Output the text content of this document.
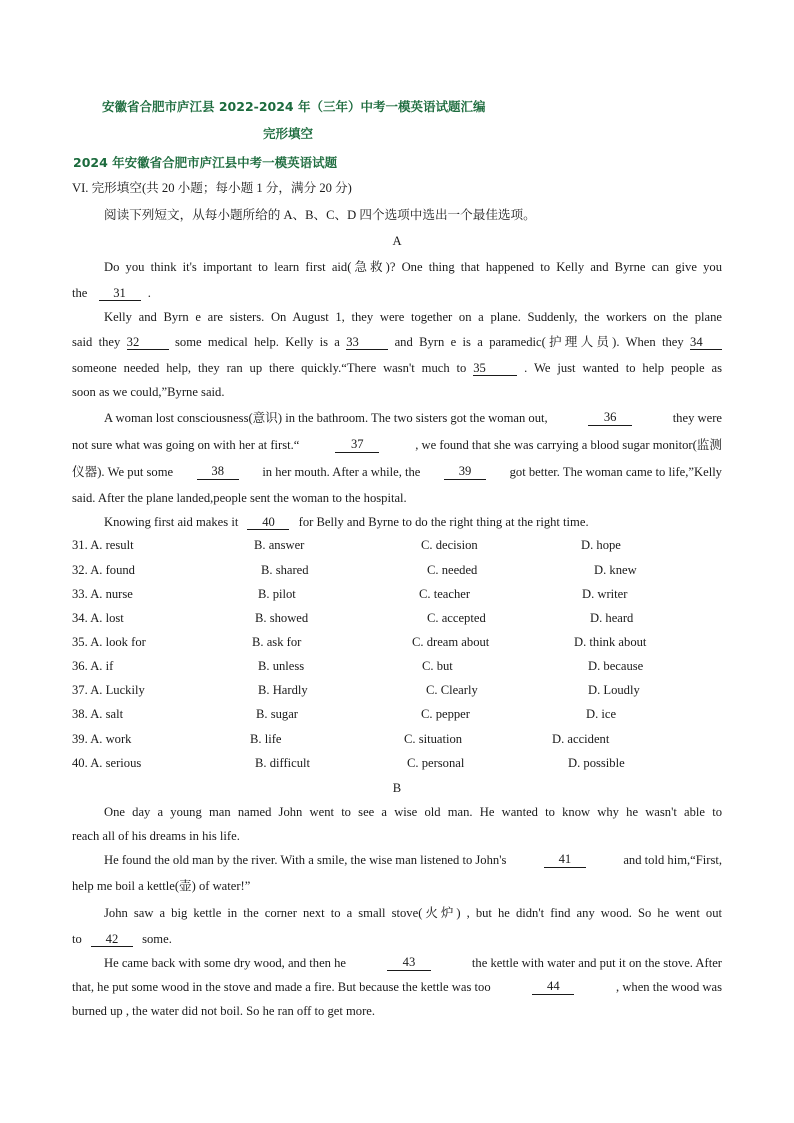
安徽省合肥市庐江县 2022-2024 年（三年）中考一模英语试题汇编
完形填空
2024 年安徽省合肥市庐江县中考一模英语试题
VI. 完形填空(共 20 小题；每小题 1 分，满分 20 分)
阅读下列短文，从每小题所给的 A、B、C、D 四个选项中选出一个最佳选项。
A
Do you think it's important to learn first aid(急救)? One thing that happened to Kelly and Byrne can give you
the 31 .
Kelly and Byrn e are sisters. On August 1, they were together on a plane. Suddenly, the workers on the plane
said they 32	some medical help. Kelly is a 33	and Byrn e is a paramedic(护理人员). When they 34
someone needed help, they ran up there quickly.“There wasn't much to 35	. We just wanted to help people as
soon as we could,”Byrne said.
A woman lost consciousness(意识) in the bathroom. The two sisters got the woman out,	36	they were
not sure what was going on with her at first.“	37	, we found that she was carrying a blood sugar monitor(监测
仪器). We put some	38	in her mouth. After a while, the	39	got better. The woman came to life,”Kelly
said. After the plane landed,people sent the woman to the hospital.
Knowing first aid makes it 40 for Belly and Byrne to do the right thing at the right time.
31. A. result	B. answer	C. decision	D. hope
32. A. found	B. shared	C. needed	D. knew
33. A. nurse	B. pilot	C. teacher	D. writer
34. A. lost	B. showed	C. accepted	D. heard
35. A. look for	B. ask for	C. dream about	D. think about
36. A. if	B. unless	C. but	D. because
37. A. Luckily	B. Hardly	C. Clearly	D. Loudly
38. A. salt	B. sugar	C. pepper	D. ice
39. A. work	B. life	C. situation	D. accident
40. A. serious	B. difficult	C. personal	D. possible
B
One day a young man named John went to see a wise old man. He wanted to know why he wasn't able to
reach all of his dreams in his life.
He found the old man by the river. With a smile, the wise man listened to John's	41	and told him,“First,
help me boil a kettle(壶) of water!”
John saw a big kettle in the corner next to a small stove(火炉) , but he didn't find any wood. So he went out
to 42 some.
He came back with some dry wood, and then he	43	the kettle with water and put it on the stove. After
that, he put some wood in the stove and made a fire. But because the kettle was too	44	, when the wood was
burned up , the water did not boil. So he ran off to get more.
